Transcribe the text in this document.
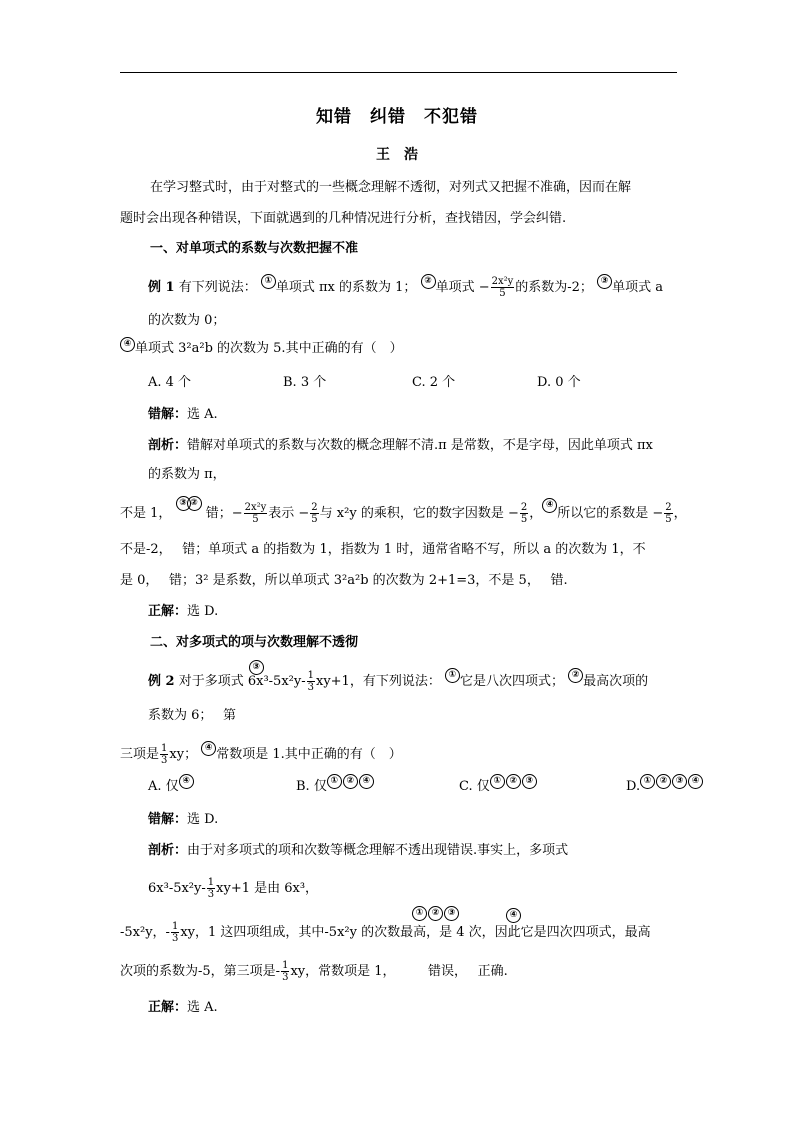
知错　纠错　不犯错
王　浩
在学习整式时，由于对整式的一些概念理解不透彻，对列式又把握不准确，因而在解
题时会出现各种错误，下面就遇到的几种情况进行分析，查找错因，学会纠错.
一、对单项式的系数与次数把握不准
例 1 有下列说法： ① 单项式 πx 的系数为 1； ② 单项式 − $\frac{\text{2x²y}}{5}$ 的系数为-2； ③ 单项式 a
的次数为 0；
④ 单项式 3²a²b 的次数为 5.其中正确的有（　）
A. 4 个	B. 3 个	C. 2 个	D. 0 个
错解：选 A.
剖析：错解对单项式的系数与次数的概念理解不清.π 是常数，不是字母，因此单项式 πx
的系数为 π，
不是 1，
③ ②
错；− $\frac{\text{2x²y}}{5}$ 表示 − $\frac{2}{5}$ 与 x²y 的乘积，它的数字因数是 − $\frac{2}{5}$ ，④所以它的系数是 − $\frac{2}{5}$ ，
不是-2，　 错；单项式 a 的指数为 1，指数为 1 时，通常省略不写，所以 a 的次数为 1，不
是 0，　 错；3² 是系数，所以单项式 3²a²b 的次数为 2+1=3，不是 5，　 错.
正解：选 D.
二、对多项式的项与次数理解不透彻
例 2
③
对于多项式 $6x^3-5x^2y- \frac{1}{3} xy+1$，有下列说法： ① 它是八次四项式； ② 最高次项的
系数为 6；　 第
三项是 $\frac{1}{3}$ xy； ④ 常数项是 1.其中正确的有（　）
A. 仅 ④	B. 仅 ① ② ④	C. 仅 ① ② ③	D. ① ② ③ ④
错解：选 D.
剖析：由于对多项式的项和次数等概念理解不透出现错误.事实上，多项式
$6x^3-5x^2y- \frac{1}{3} xy+1$ 是由 6x³，
① ② ③	④
-5x²y，- $\frac{1}{3}$ xy，1 这四项组成，其中-5x²y 的次数最高，是 4 次，因此它是四次四项式，最高
次项的系数为-5，第三项是- $\frac{1}{3}$ xy，常数项是 1，　　　错误，　 正确.
正解：选 A.
